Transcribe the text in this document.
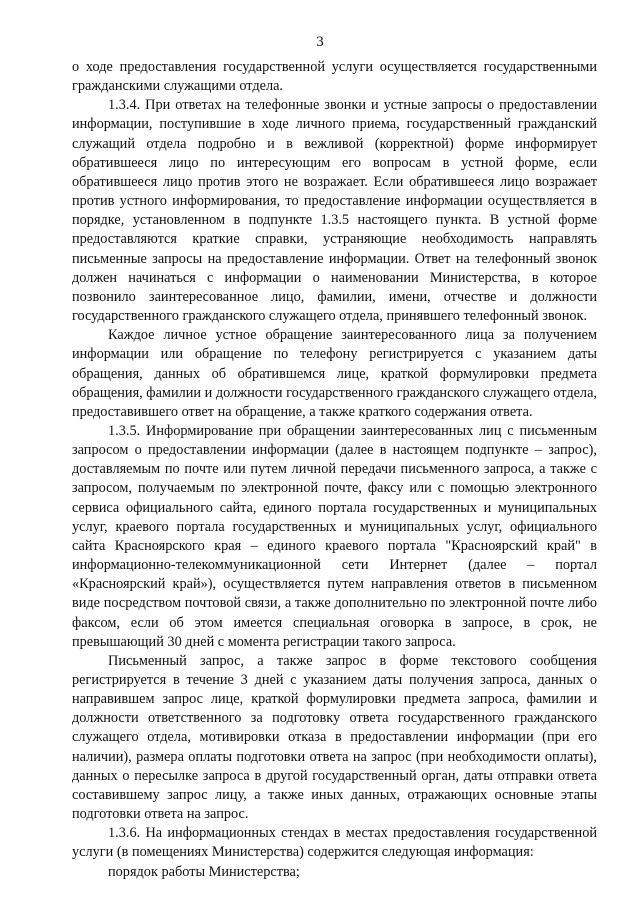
3

о ходе предоставления государственной услуги осуществляется государственными гражданскими служащими отдела.

1.3.4. При ответах на телефонные звонки и устные запросы о предоставлении информации, поступившие в ходе личного приема, государственный гражданский служащий отдела подробно и в вежливой (корректной) форме информирует обратившееся лицо по интересующим его вопросам в устной форме, если обратившееся лицо против этого не возражает. Если обратившееся лицо возражает против устного информирования, то предоставление информации осуществляется в порядке, установленном в подпункте 1.3.5 настоящего пункта. В устной форме предоставляются краткие справки, устраняющие необходимость направлять письменные запросы на предоставление информации. Ответ на телефонный звонок должен начинаться с информации о наименовании Министерства, в которое позвонило заинтересованное лицо, фамилии, имени, отчестве и должности государственного гражданского служащего отдела, принявшего телефонный звонок.

Каждое личное устное обращение заинтересованного лица за получением информации или обращение по телефону регистрируется с указанием даты обращения, данных об обратившемся лице, краткой формулировки предмета обращения, фамилии и должности государственного гражданского служащего отдела, предоставившего ответ на обращение, а также краткого содержания ответа.

1.3.5. Информирование при обращении заинтересованных лиц с письменным запросом о предоставлении информации (далее в настоящем подпункте – запрос), доставляемым по почте или путем личной передачи письменного запроса, а также с запросом, получаемым по электронной почте, факсу или с помощью электронного сервиса официального сайта, единого портала государственных и муниципальных услуг, краевого портала государственных и муниципальных услуг, официального сайта Красноярского края – единого краевого портала "Красноярский край" в информационно-телекоммуникационной сети Интернет (далее – портал «Красноярский край»), осуществляется путем направления ответов в письменном виде посредством почтовой связи, а также дополнительно по электронной почте либо факсом, если об этом имеется специальная оговорка в запросе, в срок, не превышающий 30 дней с момента регистрации такого запроса.

Письменный запрос, а также запрос в форме текстового сообщения регистрируется в течение 3 дней с указанием даты получения запроса, данных о направившем запрос лице, краткой формулировки предмета запроса, фамилии и должности ответственного за подготовку ответа государственного гражданского служащего отдела, мотивировки отказа в предоставлении информации (при его наличии), размера оплаты подготовки ответа на запрос (при необходимости оплаты), данных о пересылке запроса в другой государственный орган, даты отправки ответа составившему запрос лицу, а также иных данных, отражающих основные этапы подготовки ответа на запрос.

1.3.6. На информационных стендах в местах предоставления государственной услуги (в помещениях Министерства) содержится следующая информация:

порядок работы Министерства;
